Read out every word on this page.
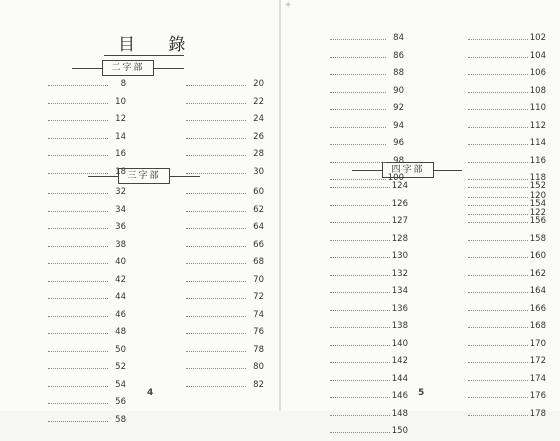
✦
目 錄
二字部
三字部
四字部
8
10
12
14
16
18
20
22
24
26
28
30
32
34
36
38
40
42
44
46
48
50
52
54
56
58
60
62
64
66
68
70
72
74
76
78
80
82
84
86
88
90
92
94
96
98
100
102
104
106
108
110
112
114
116
118
120
122
124
126
127
128
130
132
134
136
138
140
142
144
146
148
150
152
154
156
158
160
162
164
166
168
170
172
174
176
178
4	5
